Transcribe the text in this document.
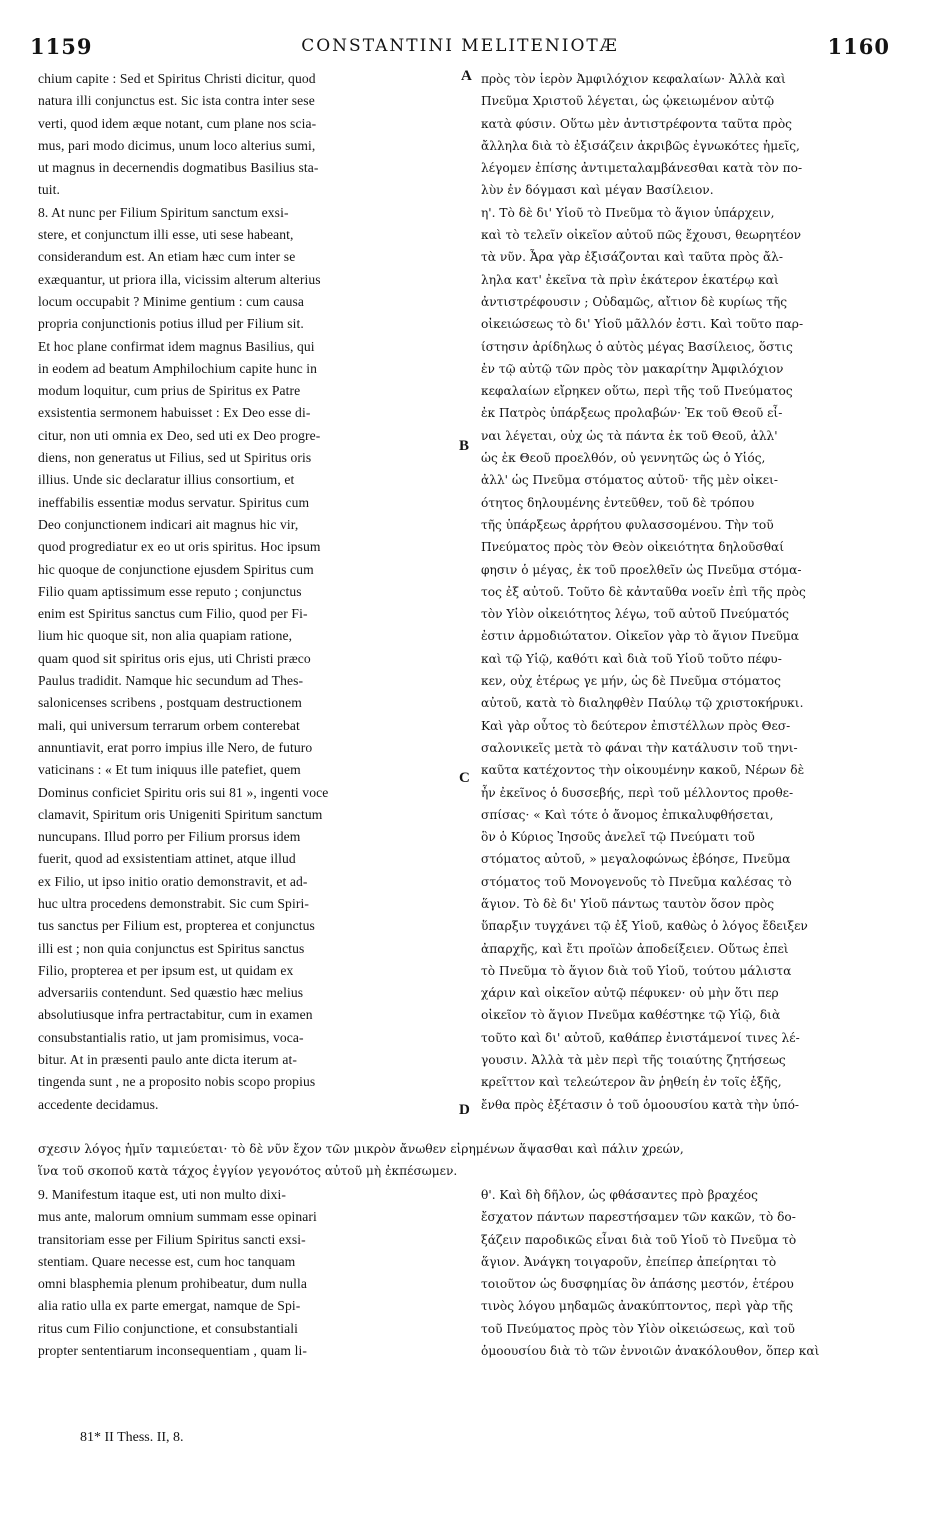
1159	CONSTANTINI MELITENIOTÆ	1160
chium capite : Sed et Spiritus Christi dicitur, quod
natura illi conjunctus est. Sic ista contra inter sese
verti, quod idem æque notant, cum plane nos scia-
mus, pari modo dicimus, unum loco alterius sumi,
ut magnus in decernendis dogmatibus Basilius sta-
tuit.
8. At nunc per Filium Spiritum sanctum exsi-
stere, et conjunctum illi esse, uti sese habeant,
considerandum est. An etiam hæc cum inter se
exæquantur, ut priora illa, vicissim alterum alterius
locum occupabit ? Minime gentium : cum causa
propria conjunctionis potius illud per Filium sit.
Et hoc plane confirmat idem magnus Basilius, qui
in eodem ad beatum Amphilochium capite hunc in
modum loquitur, cum prius de Spiritus ex Patre
exsistentia sermonem habuisset : Ex Deo esse di-
citur, non uti omnia ex Deo, sed uti ex Deo progre-
diens, non generatus ut Filius, sed ut Spiritus oris
illius. Unde sic declaratur illius consortium, et
ineffabilis essentiæ modus servatur. Spiritus cum
Deo conjunctionem indicari ait magnus hic vir,
quod progrediatur ex eo ut oris spiritus. Hoc ipsum
hic quoque de conjunctione ejusdem Spiritus cum
Filio quam aptissimum esse reputo ; conjunctus
enim est Spiritus sanctus cum Filio, quod per Fi-
lium hic quoque sit, non alia quapiam ratione,
quam quod sit spiritus oris ejus, uti Christi præco
Paulus tradidit. Namque hic secundum ad Thes-
salonicenses scribens , postquam destructionem
mali, qui universum terrarum orbem conterebat
annuntiavit, erat porro impius ille Nero, de futuro
vaticinans : « Et tum iniquus ille patefiet, quem
Dominus conficiet Spiritu oris sui 81 », ingenti voce
clamavit, Spiritum oris Unigeniti Spiritum sanctum
nuncupans. Illud porro per Filium prorsus idem
fuerit, quod ad exsistentiam attinet, atque illud
ex Filio, ut ipso initio oratio demonstravit, et ad-
huc ultra procedens demonstrabit. Sic cum Spiri-
tus sanctus per Filium est, propterea et conjunctus
illi est ; non quia conjunctus est Spiritus sanctus
Filio, propterea et per ipsum est, ut quidam ex
adversariis contendunt. Sed quæstio hæc melius
absolutiusque infra pertractabitur, cum in examen
consubstantialis ratio, ut jam promisimus, voca-
bitur. At in præsenti paulo ante dicta iterum at-
tingenda sunt , ne a proposito nobis scopo propius
accedente decidamus.
πρὸς τὸν ἱερὸν Ἀμφιλόχιον κεφαλαίων· Ἀλλὰ καὶ
Πνεῦμα Χριστοῦ λέγεται, ὡς ᾠκειωμένον αὐτῷ
κατὰ φύσιν. Οὕτω μὲν ἀντιστρέφοντα ταῦτα πρὸς
ἄλληλα διὰ τὸ ἐξισάζειν ἀκριβῶς ἐγνωκότες ἡμεῖς,
λέγομεν ἐπίσης ἀντιμεταλαμβάνεσθαι κατὰ τὸν πο-
λὺν ἐν δόγμασι καὶ μέγαν Βασίλειον.
η'. Τὸ δὲ δι' Υἱοῦ τὸ Πνεῦμα τὸ ἅγιον ὑπάρχειν,
καὶ τὸ τελεῖν οἰκεῖον αὐτοῦ πῶς ἔχουσι, θεωρητέον
τὰ νῦν. Ἆρα γὰρ ἐξισάζονται καὶ ταῦτα πρὸς ἄλ-
ληλα κατ' ἐκεῖνα τὰ πρὶν ἑκάτερον ἑκατέρῳ καὶ
ἀντιστρέφουσιν ; Οὐδαμῶς, αἴτιον δὲ κυρίως τῆς
οἰκειώσεως τὸ δι' Υἱοῦ μᾶλλόν ἐστι. Καὶ τοῦτο παρ-
ίστησιν ἀρίδηλως ὁ αὐτὸς μέγας Βασίλειος, ὅστις
ἐν τῷ αὐτῷ τῶν πρὸς τὸν μακαρίτην Ἀμφιλόχιον
κεφαλαίων εἴρηκεν οὕτω, περὶ τῆς τοῦ Πνεύματος
ἐκ Πατρὸς ὑπάρξεως προλαβών· Ἐκ τοῦ Θεοῦ εἶ-
ναι λέγεται, οὐχ ὡς τὰ πάντα ἐκ τοῦ Θεοῦ, ἀλλ'
ὡς ἐκ Θεοῦ προελθόν, οὐ γεννητῶς ὡς ὁ Υἱός,
ἀλλ' ὡς Πνεῦμα στόματος αὐτοῦ· τῆς μὲν οἰκει-
ότητος δηλουμένης ἐντεῦθεν, τοῦ δὲ τρόπου
τῆς ὑπάρξεως ἀρρήτου φυλασσομένου. Τὴν τοῦ
Πνεύματος πρὸς τὸν Θεὸν οἰκειότητα δηλοῦσθαί
φησιν ὁ μέγας, ἐκ τοῦ προελθεῖν ὡς Πνεῦμα στόμα-
τος ἐξ αὐτοῦ. Τοῦτο δὲ κἀνταῦθα νοεῖν ἐπὶ τῆς πρὸς
τὸν Υἱὸν οἰκειότητος λέγω, τοῦ αὐτοῦ Πνεύματός
ἐστιν ἁρμοδιώτατον. Οἰκεῖον γὰρ τὸ ἅγιον Πνεῦμα
καὶ τῷ Υἱῷ, καθότι καὶ διὰ τοῦ Υἱοῦ τοῦτο πέφυ-
κεν, οὐχ ἑτέρως γε μήν, ὡς δὲ Πνεῦμα στόματος
αὐτοῦ, κατὰ τὸ διαληφθὲν Παύλῳ τῷ χριστοκήρυκι.
Καὶ γὰρ οὗτος τὸ δεύτερον ἐπιστέλλων πρὸς Θεσ-
σαλονικεῖς μετὰ τὸ φάναι τὴν κατάλυσιν τοῦ τηνι-
καῦτα κατέχοντος τὴν οἰκουμένην κακοῦ, Νέρων δὲ
ἦν ἐκεῖνος ὁ δυσσεβής, περὶ τοῦ μέλλοντος προθε-
σπίσας· « Καὶ τότε ὁ ἄνομος ἐπικαλυφθήσεται,
ὃν ὁ Κύριος Ἰησοῦς ἀνελεῖ τῷ Πνεύματι τοῦ
στόματος αὐτοῦ, » μεγαλοφώνως ἐβόησε, Πνεῦμα
στόματος τοῦ Μονογενοῦς τὸ Πνεῦμα καλέσας τὸ
ἅγιον. Τὸ δὲ δι' Υἱοῦ πάντως ταυτὸν ὅσον πρὸς
ὕπαρξιν τυγχάνει τῷ ἐξ Υἱοῦ, καθὼς ὁ λόγος ἔδειξεν
ἀπαρχῆς, καὶ ἔτι προϊὼν ἀποδείξειεν. Οὕτως ἐπεὶ
τὸ Πνεῦμα τὸ ἅγιον διὰ τοῦ Υἱοῦ, τούτου μάλιστα
χάριν καὶ οἰκεῖον αὐτῷ πέφυκεν· οὐ μὴν ὅτι περ
οἰκεῖον τὸ ἅγιον Πνεῦμα καθέστηκε τῷ Υἱῷ, διὰ
τοῦτο καὶ δι' αὐτοῦ, καθάπερ ἐνιστάμενοί τινες λέ-
γουσιν. Ἀλλὰ τὰ μὲν περὶ τῆς τοιαύτης ζητήσεως
κρεῖττον καὶ τελεώτερον ἂν ῥηθείη ἐν τοῖς ἑξῆς,
ἔνθα πρὸς ἐξέτασιν ὁ τοῦ ὁμοουσίου κατὰ τὴν ὑπό-
A
B
C
D
σχεσιν λόγος ἡμῖν ταμιεύεται· τὸ δὲ νῦν ἔχον τῶν μικρὸν ἄνωθεν εἰρημένων ἅψασθαι καὶ πάλιν χρεών,
ἵνα τοῦ σκοποῦ κατὰ τάχος ἐγγίον γεγονότος αὐτοῦ μὴ ἐκπέσωμεν.
9. Manifestum itaque est, uti non multo dixi-
mus ante, malorum omnium summam esse opinari
transitoriam esse per Filium Spiritus sancti exsi-
stentiam. Quare necesse est, cum hoc tanquam
omni blasphemia plenum prohibeatur, dum nulla
alia ratio ulla ex parte emergat, namque de Spi-
ritus cum Filio conjunctione, et consubstantiali
propter sententiarum inconsequentiam , quam li-
θ'. Καὶ δὴ δῆλον, ὡς φθάσαντες πρὸ βραχέος
ἔσχατον πάντων παρεστήσαμεν τῶν κακῶν, τὸ δο-
ξάζειν παροδικῶς εἶναι διὰ τοῦ Υἱοῦ τὸ Πνεῦμα τὸ
ἅγιον. Ἀνάγκη τοιγαροῦν, ἐπείπερ ἀπείρηται τὸ
τοιοῦτον ὡς δυσφημίας ὂν ἁπάσης μεστόν, ἑτέρου
τινὸς λόγου μηδαμῶς ἀνακύπτοντος, περὶ γὰρ τῆς
τοῦ Πνεύματος πρὸς τὸν Υἱὸν οἰκειώσεως, καὶ τοῦ
ὁμοουσίου διὰ τὸ τῶν ἐννοιῶν ἀνακόλουθον, ὅπερ καὶ
81* II Thess. II, 8.
